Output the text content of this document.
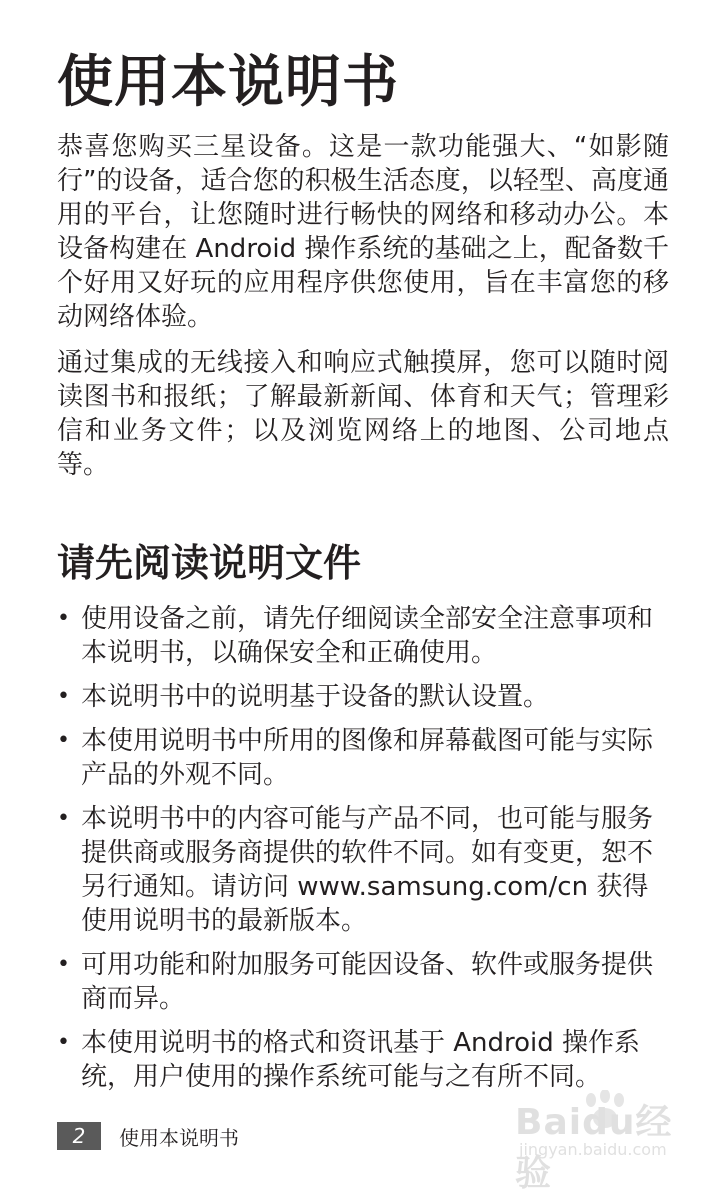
使用本说明书

恭喜您购买三星设备。这是一款功能强大、“如影随行”的设备，适合您的积极生活态度，以轻型、高度通用的平台，让您随时进行畅快的网络和移动办公。本设备构建在 Android 操作系统的基础之上，配备数千个好用又好玩的应用程序供您使用，旨在丰富您的移动网络体验。

通过集成的无线接入和响应式触摸屏，您可以随时阅读图书和报纸；了解最新新闻、体育和天气；管理彩信和业务文件；以及浏览网络上的地图、公司地点等。

请先阅读说明文件
• 使用设备之前，请先仔细阅读全部安全注意事项和本说明书，以确保安全和正确使用。
• 本说明书中的说明基于设备的默认设置。
• 本使用说明书中所用的图像和屏幕截图可能与实际产品的外观不同。
• 本说明书中的内容可能与产品不同，也可能与服务提供商或服务商提供的软件不同。如有变更，恕不另行通知。请访问 www.samsung.com/cn 获得使用说明书的最新版本。
• 可用功能和附加服务可能因设备、软件或服务提供商而异。
• 本使用说明书的格式和资讯基于 Android 操作系统，用户使用的操作系统可能与之有所不同。
2	使用本说明书	Baidu经验
jingyan.baidu.com
